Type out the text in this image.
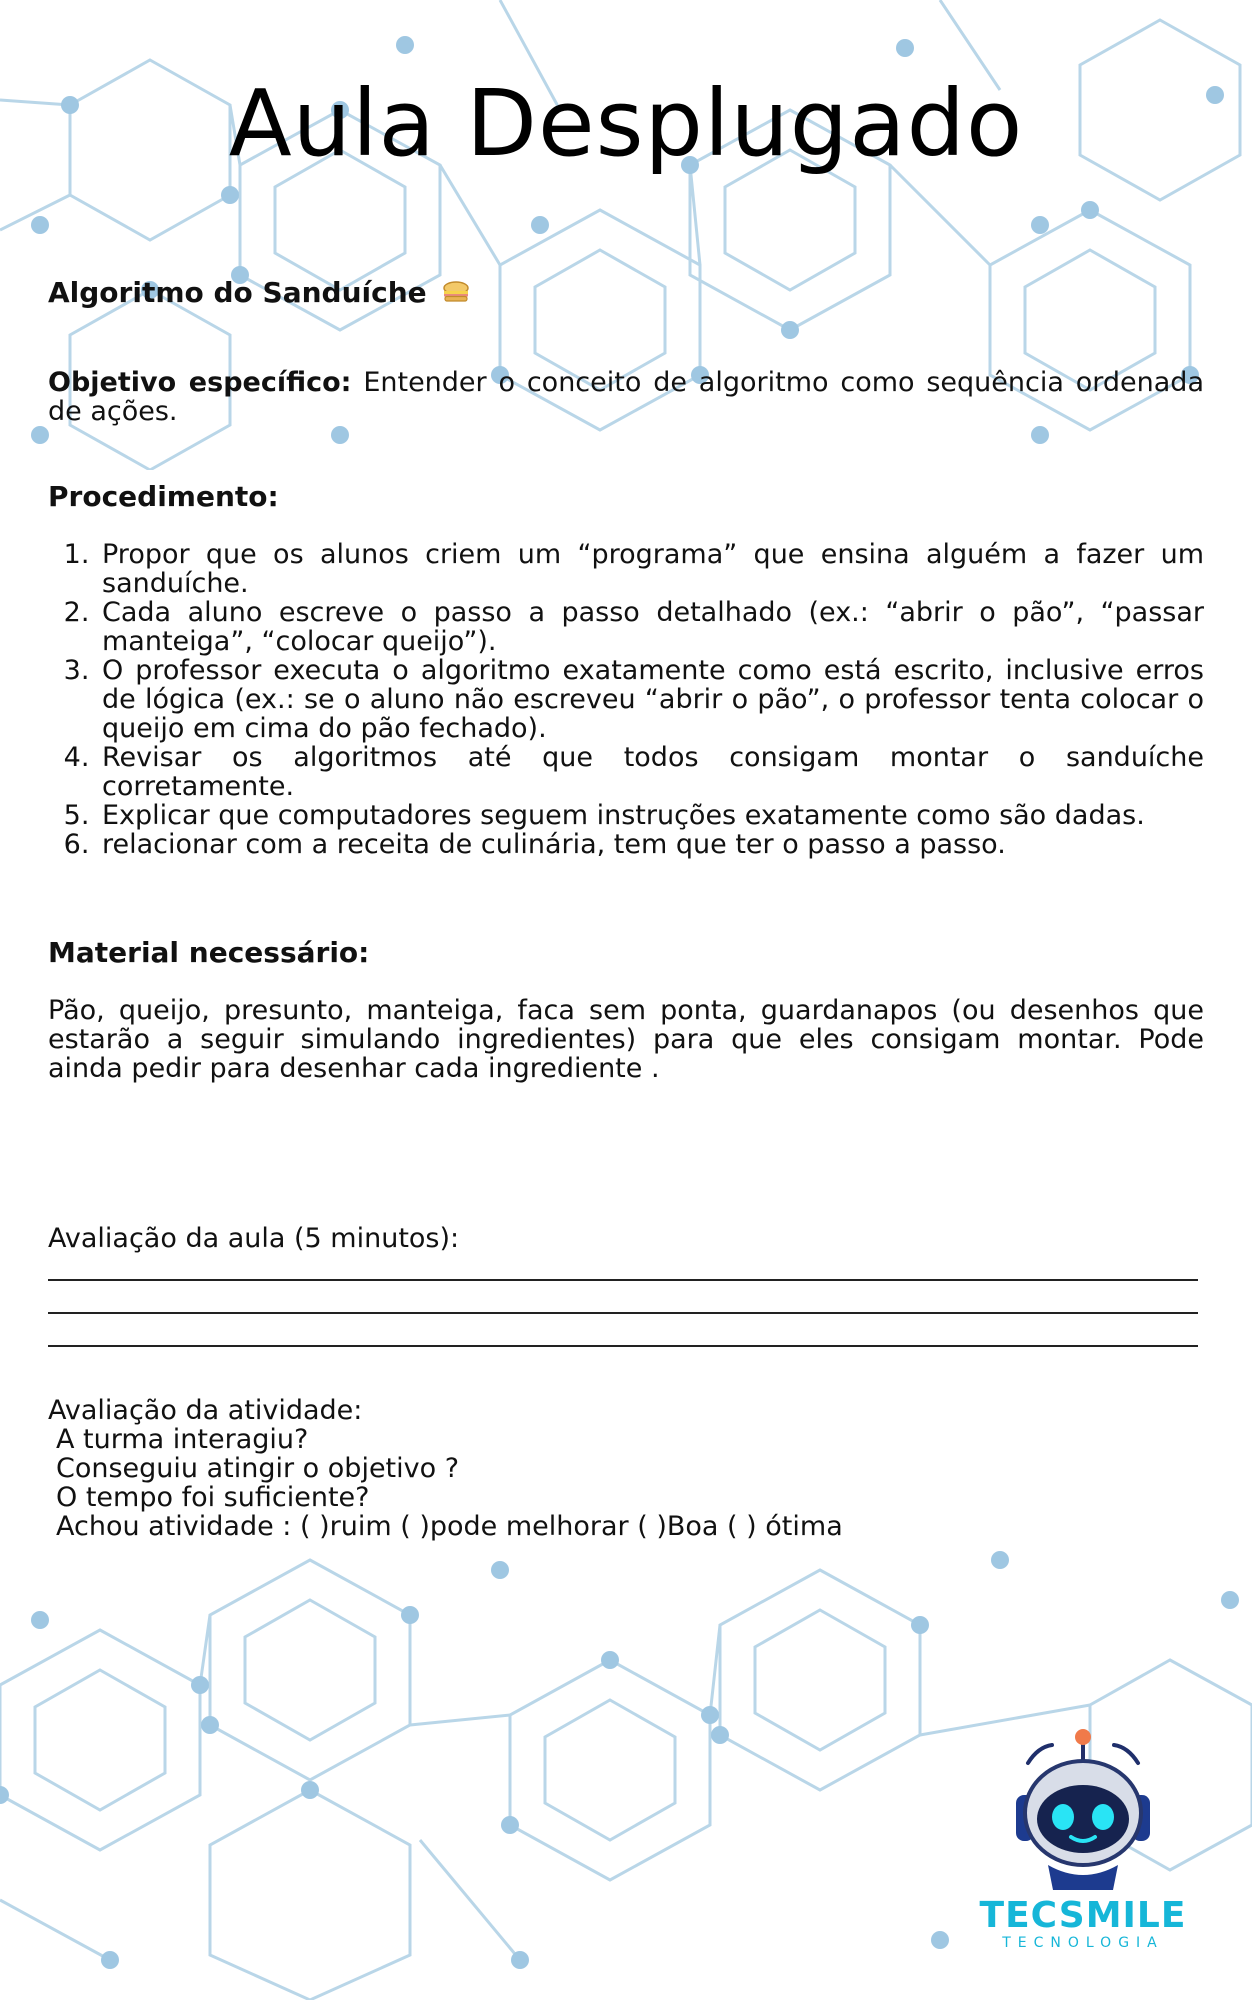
Aula Desplugado
Algoritmo do Sanduíche
Objetivo específico: Entender o conceito de algoritmo como sequência ordenada de ações.
Procedimento:
1. Propor que os alunos criem um “programa” que ensina alguém a fazer um sanduíche.
2. Cada aluno escreve o passo a passo detalhado (ex.: “abrir o pão”, “passar manteiga”, “colocar queijo”).
3. O professor executa o algoritmo exatamente como está escrito, inclusive erros de lógica (ex.: se o aluno não escreveu “abrir o pão”, o professor tenta colocar o queijo em cima do pão fechado).
4. Revisar os algoritmos até que todos consigam montar o sanduíche corretamente.
5. Explicar que computadores seguem instruções exatamente como são dadas.
6. relacionar com a receita de culinária, tem que ter o passo a passo.
Material necessário:
Pão, queijo, presunto, manteiga, faca sem ponta, guardanapos (ou desenhos que estarão a seguir simulando ingredientes) para que eles consigam montar. Pode ainda pedir para desenhar cada ingrediente .
Avaliação da aula (5 minutos):
Avaliação da atividade:
A turma interagiu?
Conseguiu atingir o objetivo ?
O tempo foi suficiente?
Achou atividade : ( )ruim ( )pode melhorar ( )Boa ( ) ótima
TECSMILE
TECNOLOGIA
